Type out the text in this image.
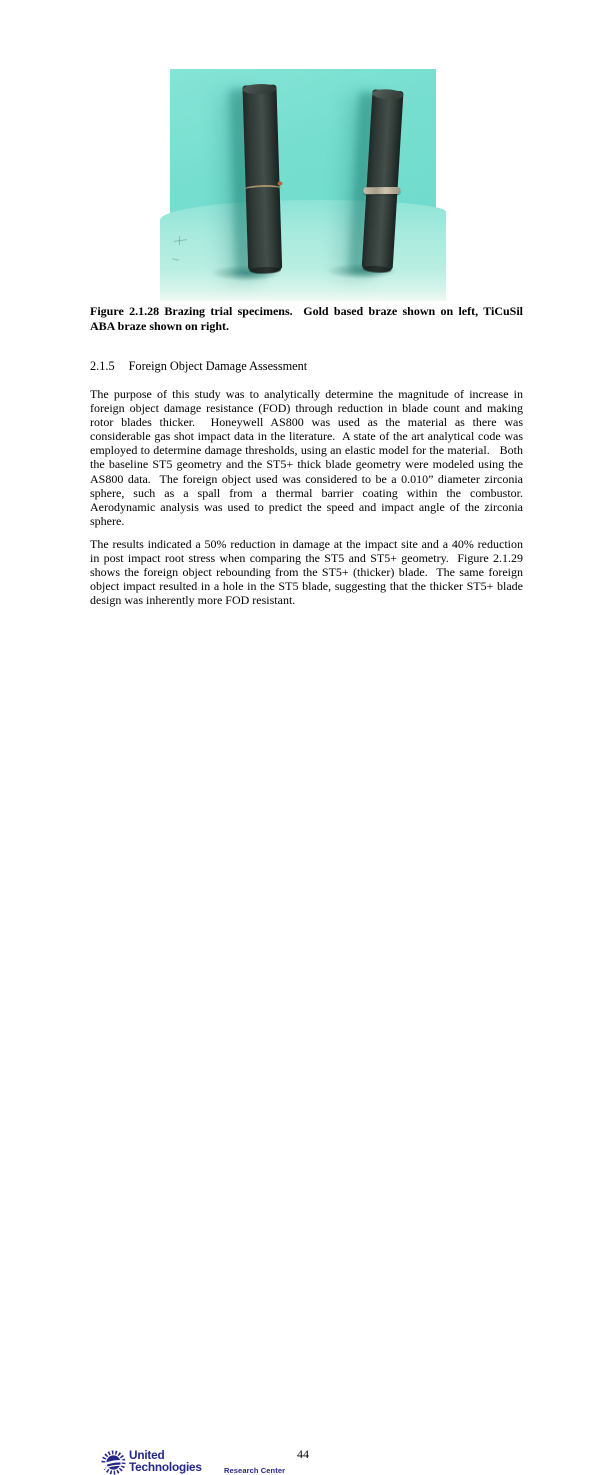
Figure 2.1.28 Brazing trial specimens.  Gold based braze shown on left, TiCuSil
ABA braze shown on right.
2.1.5 Foreign Object Damage Assessment
The purpose of this study was to analytically determine the magnitude of increase in
foreign object damage resistance (FOD) through reduction in blade count and making
rotor blades thicker.  Honeywell AS800 was used as the material as there was
considerable gas shot impact data in the literature.  A state of the art analytical code was
employed to determine damage thresholds, using an elastic model for the material.   Both
the baseline ST5 geometry and the ST5+ thick blade geometry were modeled using the
AS800 data.  The foreign object used was considered to be a 0.010” diameter zirconia
sphere, such as a spall from a thermal barrier coating within the combustor.
Aerodynamic analysis was used to predict the speed and impact angle of the zirconia
sphere.
The results indicated a 50% reduction in damage at the impact site and a 40% reduction
in post impact root stress when comparing the ST5 and ST5+ geometry.  Figure 2.1.29
shows the foreign object rebounding from the ST5+ (thicker) blade.  The same foreign
object impact resulted in a hole in the ST5 blade, suggesting that the thicker ST5+ blade
design was inherently more FOD resistant.
United
Technologies	Research Center
44
